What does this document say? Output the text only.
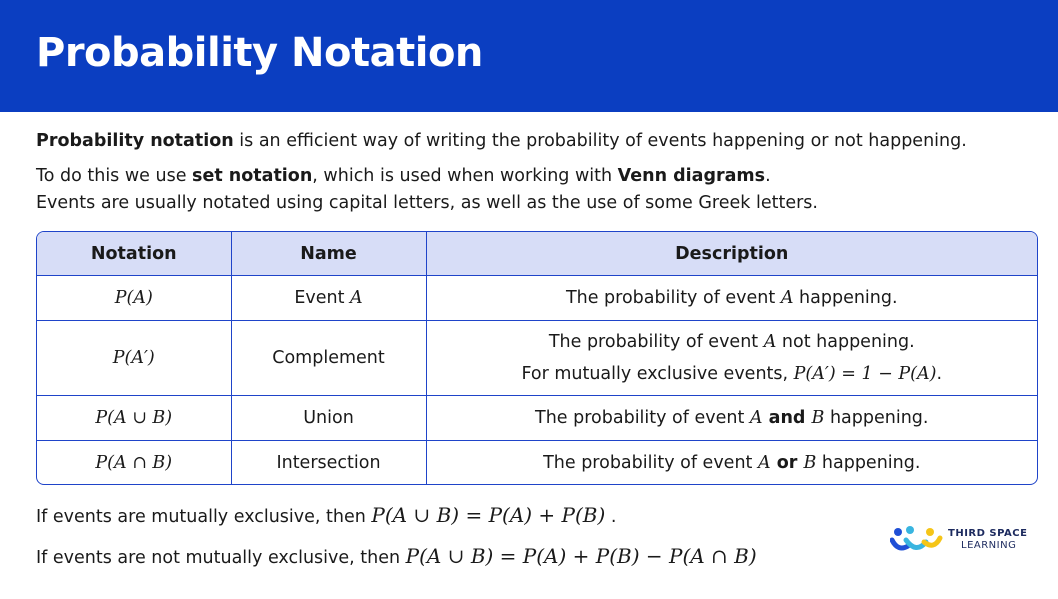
Probability Notation

Probability notation is an efficient way of writing the probability of events happening or not happening.

To do this we use set notation, which is used when working with Venn diagrams.

Events are usually notated using capital letters, as well as the use of some Greek letters.

Notation	Name	Description
P(A)	Event A	The probability of event A happening.
P(A′)	Complement	The probability of event A not happening.
For mutually exclusive events, P(A′) = 1 − P(A).

P(A ∪ B)	Union	The probability of event A and B happening.
P(A ∩ B)	Intersection	The probability of event A or B happening.
If events are mutually exclusive, then P(A ∪ B) = P(A) + P(B) .
If events are not mutually exclusive, then P(A ∪ B) = P(A) + P(B) − P(A ∩ B)
THIRD SPACE
LEARNING
